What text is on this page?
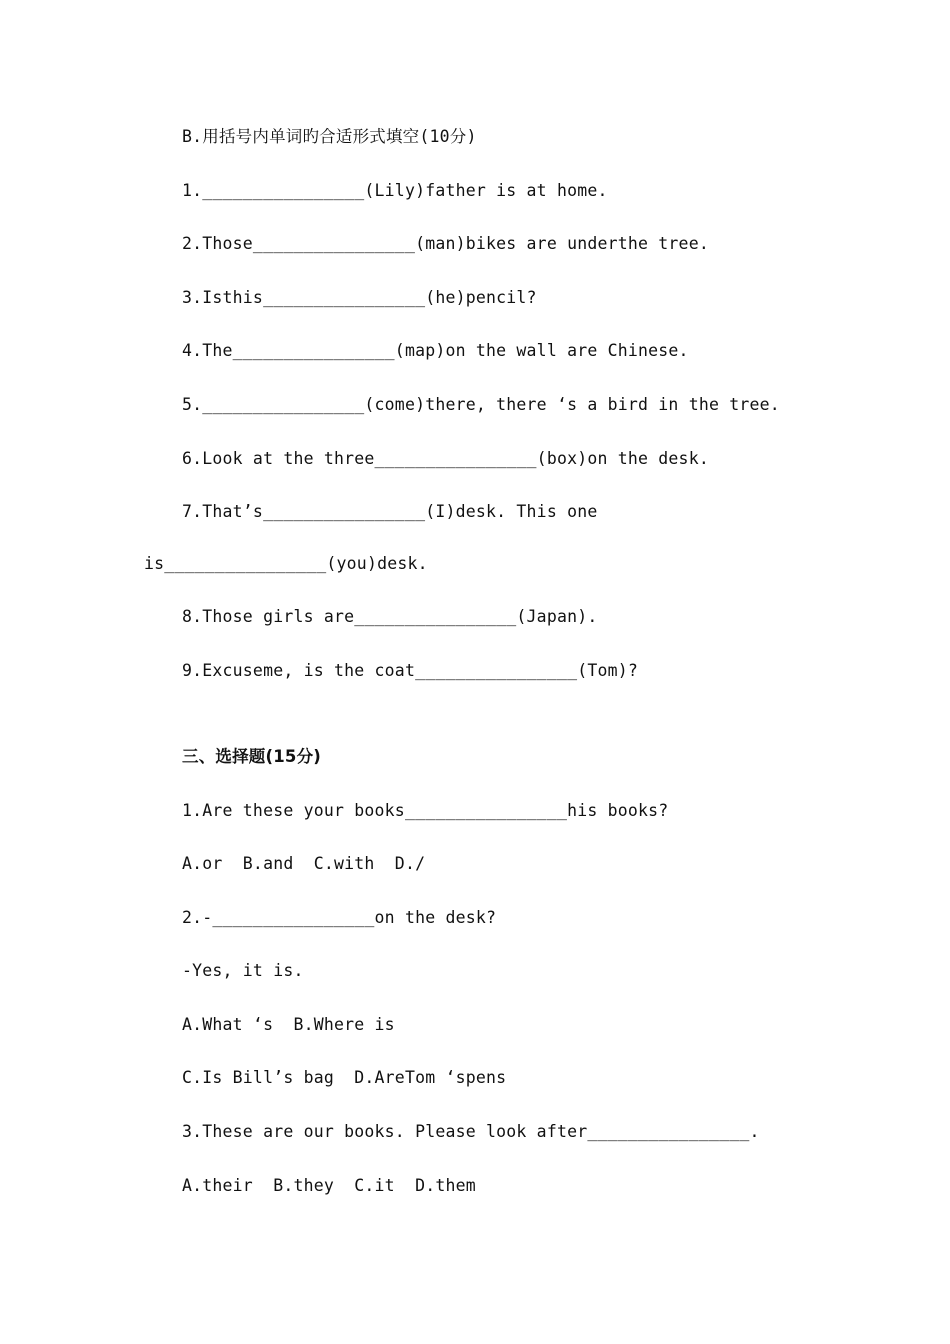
B.用括号内单词旳合适形式填空(10分)
1.________________(Lily)father is at home.
2.Those________________(man)bikes are underthe tree.
3.Isthis________________(he)pencil?
4.The________________(map)on the wall are Chinese.
5.________________(come)there, there ‘s a bird in the tree.
6.Look at the three________________(box)on the desk.
7.That’s________________(I)desk. This one
is________________(you)desk.
8.Those girls are________________(Japan).
9.Excuseme, is the coat________________(Tom)?
三、选择题(15分)
1.Are these your books________________his books?
A.or  B.and  C.with  D./
2.-________________on the desk?
-Yes, it is.
A.What ‘s  B.Where is
C.Is Bill’s bag  D.AreTom ‘spens
3.These are our books. Please look after________________.
A.their  B.they  C.it  D.them
